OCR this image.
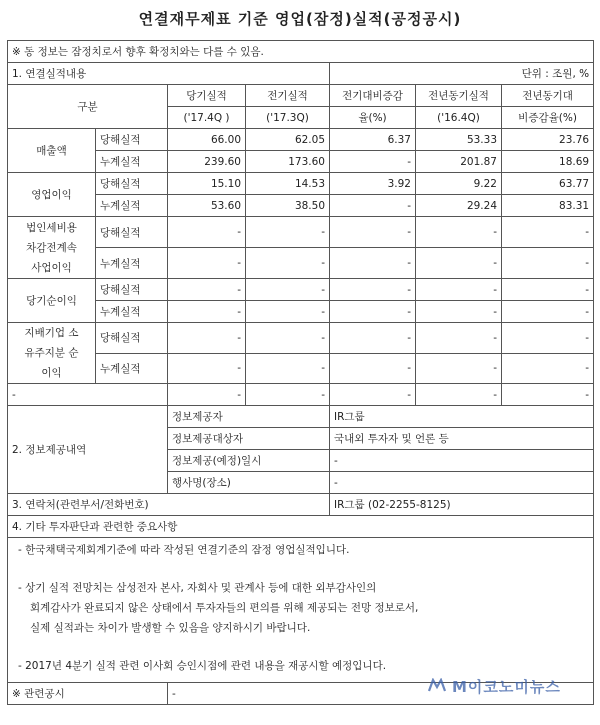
연결재무제표 기준 영업(잠정)실적(공정공시)
※ 동 정보는 잠정치로서 향후 확정치와는 다를 수 있음.						
1. 연결실적내용				단위 : 조원, %		
구분		당기실적	전기실적	전기대비증감	전년동기실적	전년동기대
		('17.4Q )	('17.3Q)	율(%)	('16.4Q)	비증감율(%)
매출액	당해실적	66.00	62.05	6.37	53.33	23.76
	누계실적	239.60	173.60	-	201.87	18.69
영업이익	당해실적	15.10	14.53	3.92	9.22	63.77
	누계실적	53.60	38.50	-	29.24	83.31

법인세비용
차감전계속
사업이익	당해실적	-	-	-	-	-
	누계실적	-	-	-	-	-
당기순이익	당해실적	-	-	-	-	-
	누계실적	-	-	-	-	-

지배기업 소
유주지분 순
이익	당해실적	-	-	-	-	-
	누계실적	-	-	-	-	-
-		-	-	-	-	-
2. 정보제공내역		정보제공자		IR그룹		
		정보제공대상자		국내외 투자자 및 언론 등		
		정보제공(예정)일시		-		
		행사명(장소)		-		
3. 연락처(관련부서/전화번호)				IR그룹 (02-2255-8125)		
4. 기타 투자판단과 관련한 중요사항						

- 한국채택국제회계기준에 따라 작성된 연결기준의 잠정 영업실적입니다.
- 상기 실적 전망치는 삼성전자 본사, 자회사 및 관계사 등에 대한 외부감사인의
회계감사가 완료되지 않은 상태에서 투자자들의 편의를 위해 제공되는 전망 정보로서,
실제 실적과는 차이가 발생할 수 있음을 양지하시기 바랍니다.
- 2017년 4분기 실적 관련 이사회 승인시점에 관련 내용을 재공시할 예정입니다.						

※ 관련공시		-					M이코노미뉴스
